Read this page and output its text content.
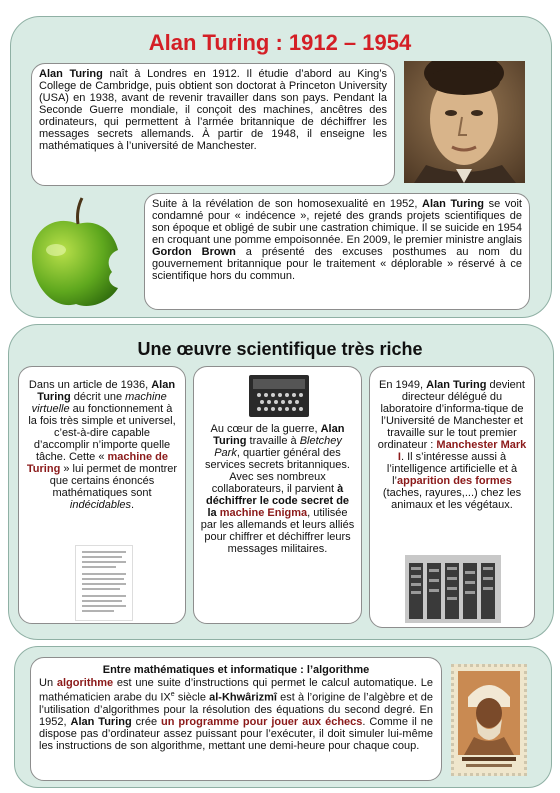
Alan Turing : 1912 – 1954
Alan Turing naît à Londres en 1912. Il étudie d’abord au King’s College de Cambridge, puis obtient son doctorat à Princeton University (USA) en 1938, avant de revenir travailler dans son pays. Pendant la Seconde Guerre mondiale, il conçoit des machines, ancêtres des ordinateurs, qui permettent à l’armée britannique de déchiffrer les messages secrets allemands. À partir de 1948, il enseigne les mathématiques à l’université de Manchester.
Suite à la révélation de son homosexualité en 1952, Alan Turing se voit condamné pour « indécence », rejeté des grands projets scientifiques de son époque et obligé de subir une castration chimique. Il se suicide en 1954 en croquant une pomme empoisonnée. En 2009, le premier ministre anglais Gordon Brown a présenté des excuses posthumes au nom du gouvernement britannique pour le traitement « déplorable » réservé à ce scientifique hors du commun.
Une œuvre scientifique très riche
Dans un article de 1936, Alan Turing décrit une machine virtuelle au fonctionnement à la fois très simple et universel, c’est-à-dire capable d’accomplir n’importe quelle tâche. Cette « machine de Turing » lui permet de montrer que certains énoncés mathématiques sont indécidables.
Au cœur de la guerre, Alan Turing travaille à Bletchey Park, quartier général des services secrets britanniques. Avec ses nombreux collaborateurs, il parvient à déchiffrer le code secret de la machine Enigma, utilisée par les allemands et leurs alliés pour chiffrer et déchiffrer leurs messages militaires.
En 1949, Alan Turing devient directeur délégué du laboratoire d’informa-tique de l’Université de Manchester et travaille sur le tout premier ordinateur : Manchester Mark I. Il s’intéresse aussi à l’intelligence artificielle et à l’apparition des formes (taches, rayures,...) chez les animaux et les végétaux.
Entre mathématiques et informatique : l’algorithme
Un algorithme est une suite d’instructions qui permet le calcul automatique. Le mathématicien arabe du IXe siècle al-Khwârizmî est à l’origine de l’algèbre et de l’utilisation d’algorithmes pour la résolution des équations du second degré. En 1952, Alan Turing crée un programme pour jouer aux échecs. Comme il ne dispose pas d’ordinateur assez puissant pour l’exécuter, il doit simuler lui-même les instructions de son algorithme, mettant une demi-heure pour chaque coup.
